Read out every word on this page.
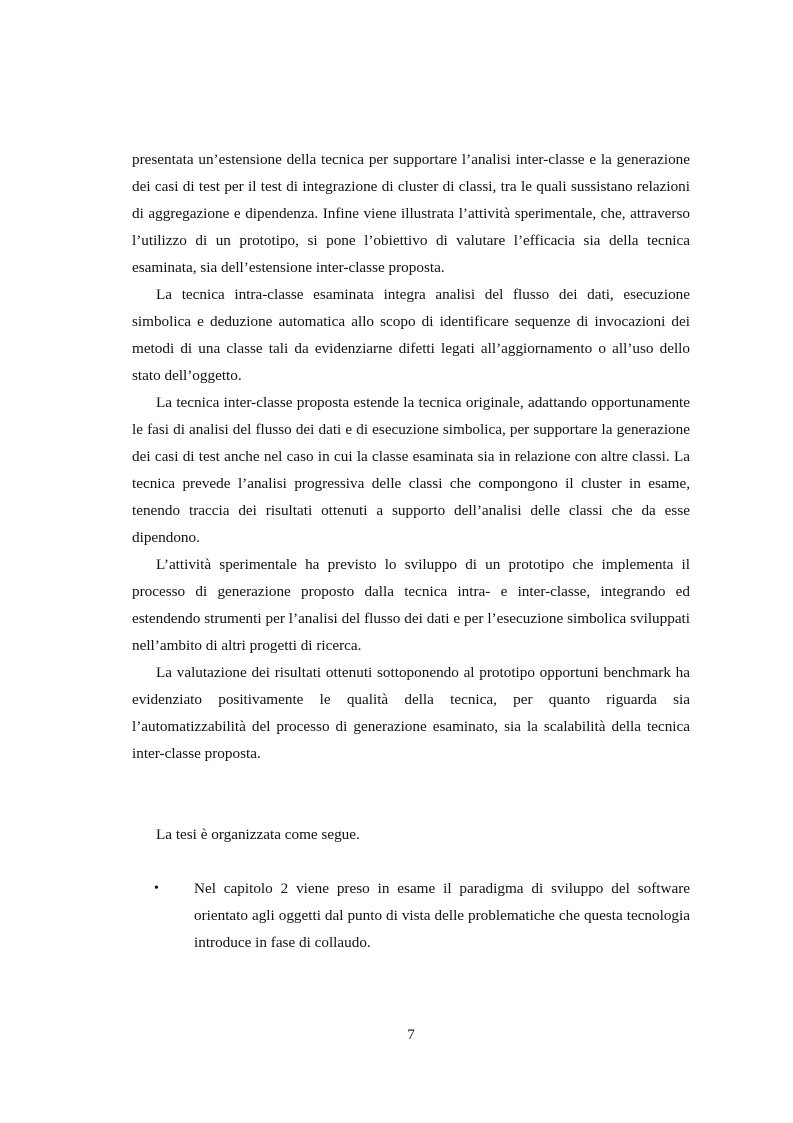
presentata un’estensione della tecnica per supportare l’analisi inter-classe e la generazione dei casi di test per il test di integrazione di cluster di classi, tra le quali sussistano relazioni di aggregazione e dipendenza. Infine viene illustrata l’attività sperimentale, che, attraverso l’utilizzo di un prototipo, si pone l’obiettivo di valutare l’efficacia sia della tecnica esaminata, sia dell’estensione inter-classe proposta.

La tecnica intra-classe esaminata integra analisi del flusso dei dati, esecuzione simbolica e deduzione automatica allo scopo di identificare sequenze di invocazioni dei metodi di una classe tali da evidenziarne difetti legati all’aggiornamento o all’uso dello stato dell’oggetto.

La tecnica inter-classe proposta estende la tecnica originale, adattando opportunamente le fasi di analisi del flusso dei dati e di esecuzione simbolica, per supportare la generazione dei casi di test anche nel caso in cui la classe esaminata sia in relazione con altre classi. La tecnica prevede l’analisi progressiva delle classi che compongono il cluster in esame, tenendo traccia dei risultati ottenuti a supporto dell’analisi delle classi che da esse dipendono.

L’attività sperimentale ha previsto lo sviluppo di un prototipo che implementa il processo di generazione proposto dalla tecnica intra- e inter-classe, integrando ed estendendo strumenti per l’analisi del flusso dei dati e per l’esecuzione simbolica sviluppati nell’ambito di altri progetti di ricerca.

La valutazione dei risultati ottenuti sottoponendo al prototipo opportuni benchmark ha evidenziato positivamente le qualità della tecnica, per quanto riguarda sia l’automatizzabilità del processo di generazione esaminato, sia la scalabilità della tecnica inter-classe proposta.

La tesi è organizzata come segue.

• Nel capitolo 2 viene preso in esame il paradigma di sviluppo del software orientato agli oggetti dal punto di vista delle problematiche che questa tecnologia introduce in fase di collaudo.
7
